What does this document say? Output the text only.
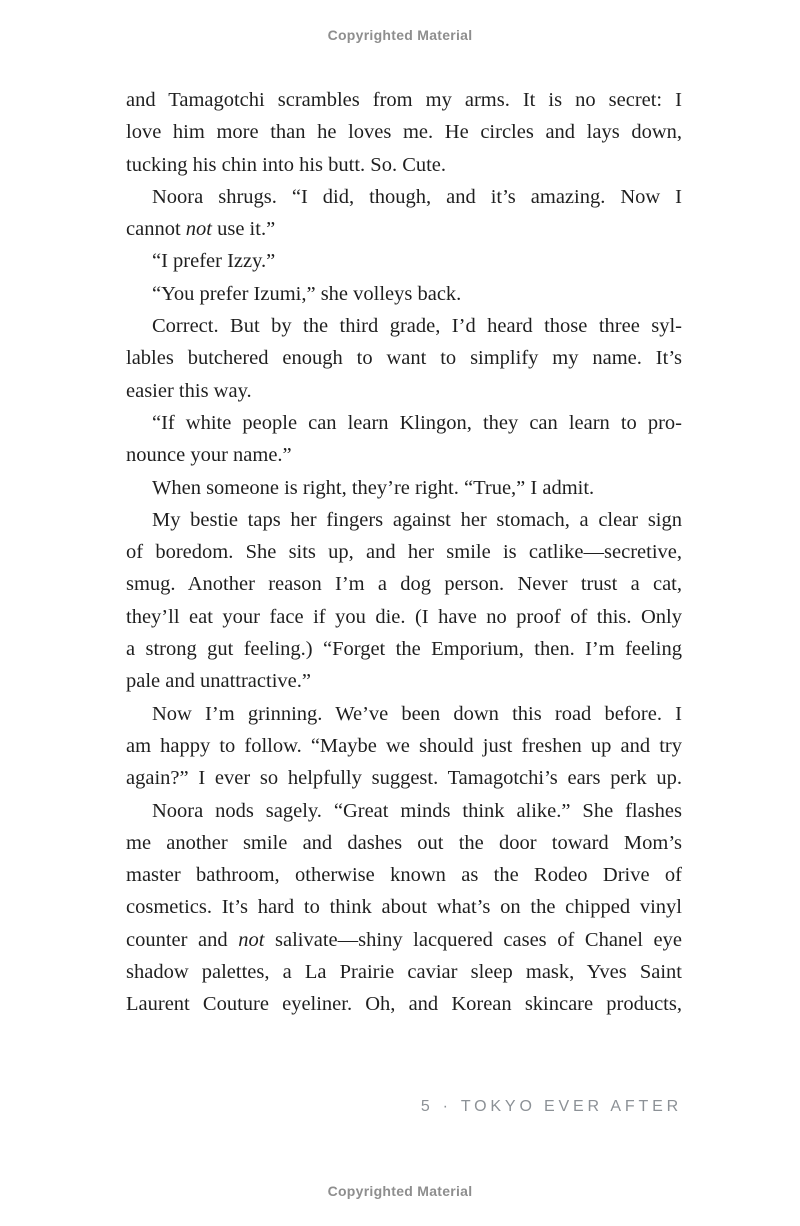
Copyrighted Material
and Tamagotchi scrambles from my arms. It is no secret: I
love him more than he loves me. He circles and lays down,
tucking his chin into his butt. So. Cute.
Noora shrugs. “I did, though, and it’s amazing. Now I
cannot not use it.”
“I prefer Izzy.”
“You prefer Izumi,” she volleys back.
Correct. But by the third grade, I’d heard those three syl-
lables butchered enough to want to simplify my name. It’s
easier this way.
“If white people can learn Klingon, they can learn to pro-
nounce your name.”
When someone is right, they’re right. “True,” I admit.
My bestie taps her fingers against her stomach, a clear sign
of boredom. She sits up, and her smile is catlike—secretive,
smug. Another reason I’m a dog person. Never trust a cat,
they’ll eat your face if you die. (I have no proof of this. Only
a strong gut feeling.) “Forget the Emporium, then. I’m feeling
pale and unattractive.”
Now I’m grinning. We’ve been down this road before. I
am happy to follow. “Maybe we should just freshen up and try
again?” I ever so helpfully suggest. Tamagotchi’s ears perk up.
Noora nods sagely. “Great minds think alike.” She flashes
me another smile and dashes out the door toward Mom’s
master bathroom, otherwise known as the Rodeo Drive of
cosmetics. It’s hard to think about what’s on the chipped vinyl
counter and not salivate—shiny lacquered cases of Chanel eye
shadow palettes, a La Prairie caviar sleep mask, Yves Saint
Laurent Couture eyeliner. Oh, and Korean skincare products,
5 · TOKYO EVER AFTER
Copyrighted Material
